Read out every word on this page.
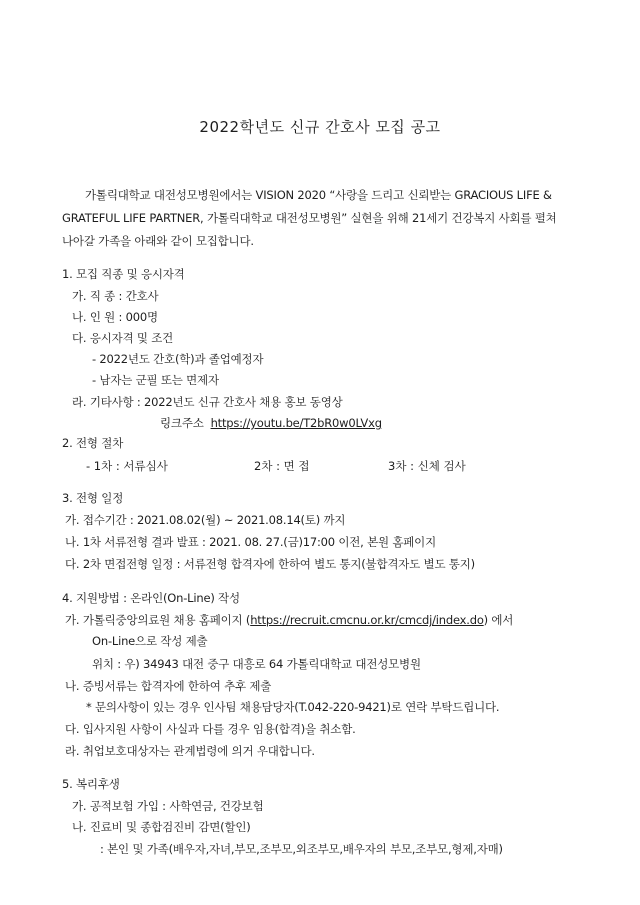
2022학년도 신규 간호사 모집 공고
가톨릭대학교 대전성모병원에서는 VISION 2020 “사랑을 드리고 신뢰받는 GRACIOUS LIFE &
GRATEFUL LIFE PARTNER, 가톨릭대학교 대전성모병원” 실현을 위해 21세기 건강복지 사회를 펼쳐
나아갈 가족을 아래와 같이 모집합니다.
1. 모집 직종 및 응시자격
가. 직 종 : 간호사
나. 인 원 : 000명
다. 응시자격 및 조건
- 2022년도 간호(학)과 졸업예정자
- 남자는 군필 또는 면제자
라. 기타사항 : 2022년도 신규 간호사 채용 홍보 동영상
링크주소 https://youtu.be/T2bR0w0LVxg
2. 전형 절차
- 1차 : 서류심사	2차 : 면 접	3차 : 신체 검사
3. 전형 일정
가. 접수기간 : 2021.08.02(월) ~ 2021.08.14(토) 까지
나. 1차 서류전형 결과 발표 : 2021. 08. 27.(금)17:00 이전, 본원 홈페이지
다. 2차 면접전형 일정 : 서류전형 합격자에 한하여 별도 통지(불합격자도 별도 통지)
4. 지원방법 : 온라인(On-Line) 작성
가. 가톨릭중앙의료원 채용 홈페이지 (https://recruit.cmcnu.or.kr/cmcdj/index.do) 에서
On-Line으로 작성 제출
위치 : 우) 34943 대전 중구 대흥로 64 가톨릭대학교 대전성모병원
나. 증빙서류는 합격자에 한하여 추후 제출
* 문의사항이 있는 경우 인사팀 채용담당자(T.042-220-9421)로 연락 부탁드립니다.
다. 입사지원 사항이 사실과 다를 경우 임용(합격)을 취소함.
라. 취업보호대상자는 관계법령에 의거 우대합니다.
5. 복리후생
가. 공적보험 가입 : 사학연금, 건강보험
나. 진료비 및 종합검진비 감면(할인)
: 본인 및 가족(배우자,자녀,부모,조부모,외조부모,배우자의 부모,조부모,형제,자매)
